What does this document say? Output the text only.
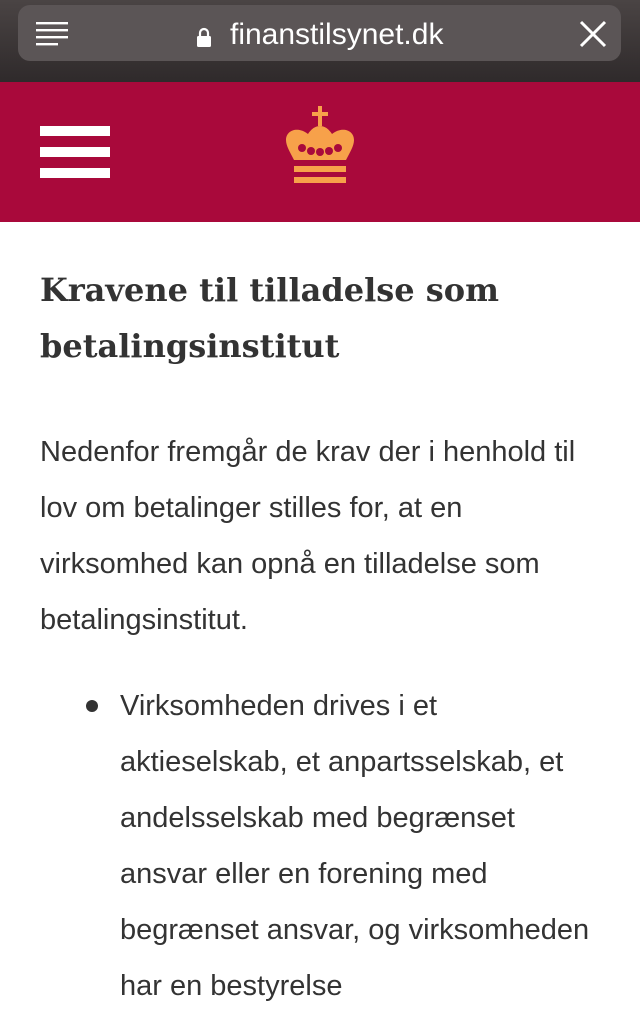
finanstilsynet.dk
Kravene til tilladelse som betalingsinstitut

Nedenfor fremgår de krav der i henhold til lov om betalinger stilles for, at en virksomhed kan opnå en tilladelse som betalingsinstitut.

Virksomheden drives i et aktieselskab, et anpartsselskab, et andelsselskab med begrænset ansvar eller en forening med begrænset ansvar, og virksomheden har en bestyrelse
